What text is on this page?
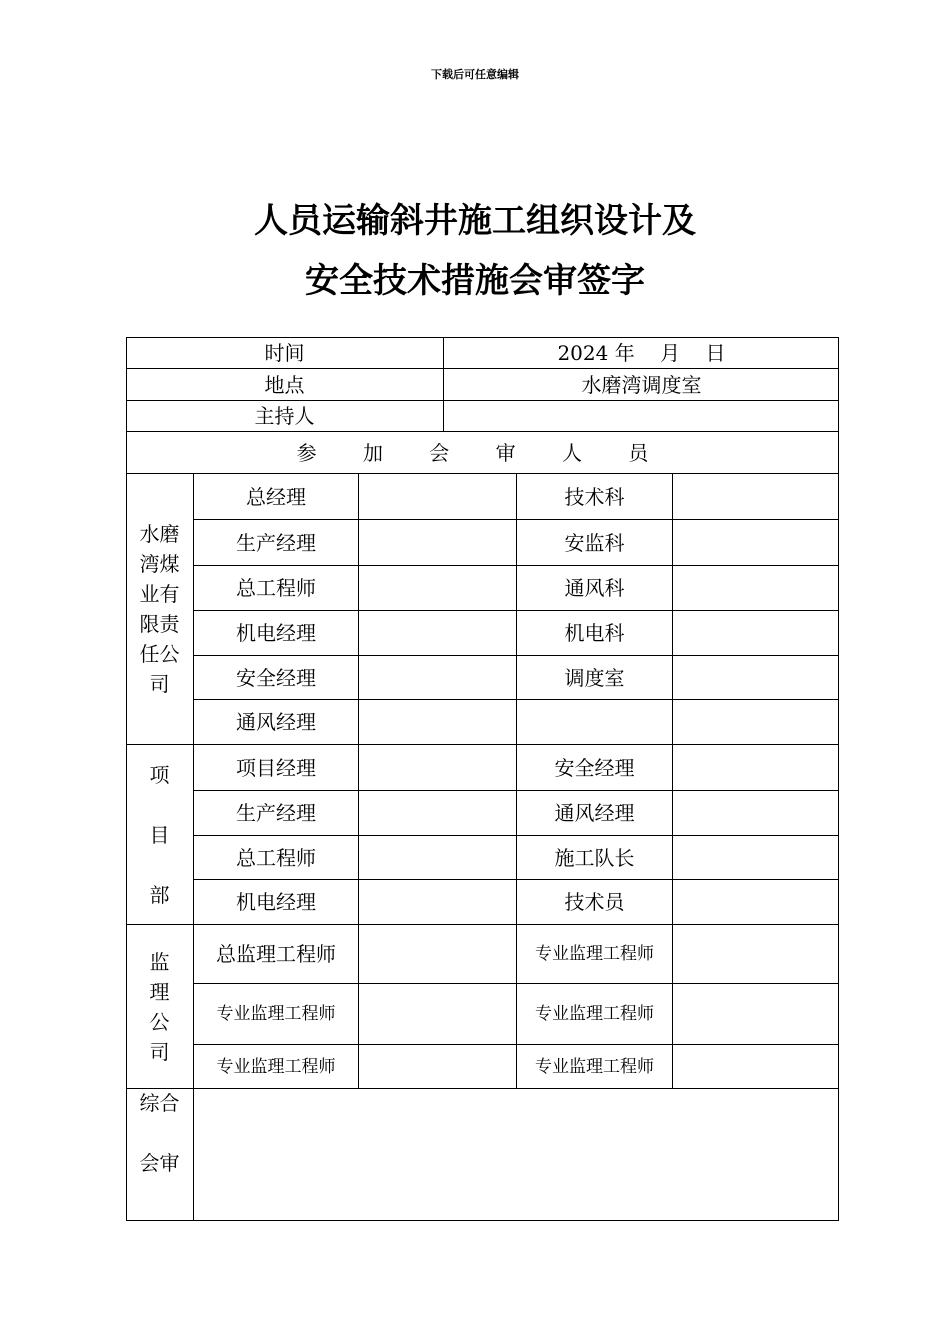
下载后可任意编辑
人员运输斜井施工组织设计及
安全技术措施会审签字
时间	2024 年    月    日
地点	水磨湾调度室
主持人
参 加 会 审 人 员
水磨
湾煤
业有
限责
任公
司
总经理
生产经理
总工程师
机电经理
安全经理
通风经理
技术科
安监科
通风科
机电科
调度室
项
目
部
项目经理
生产经理
总工程师
机电经理
安全经理
通风经理
施工队长
技术员
监
理
公
司
总监理工程师
专业监理工程师
专业监理工程师
专业监理工程师
专业监理工程师
专业监理工程师
综合
会审
